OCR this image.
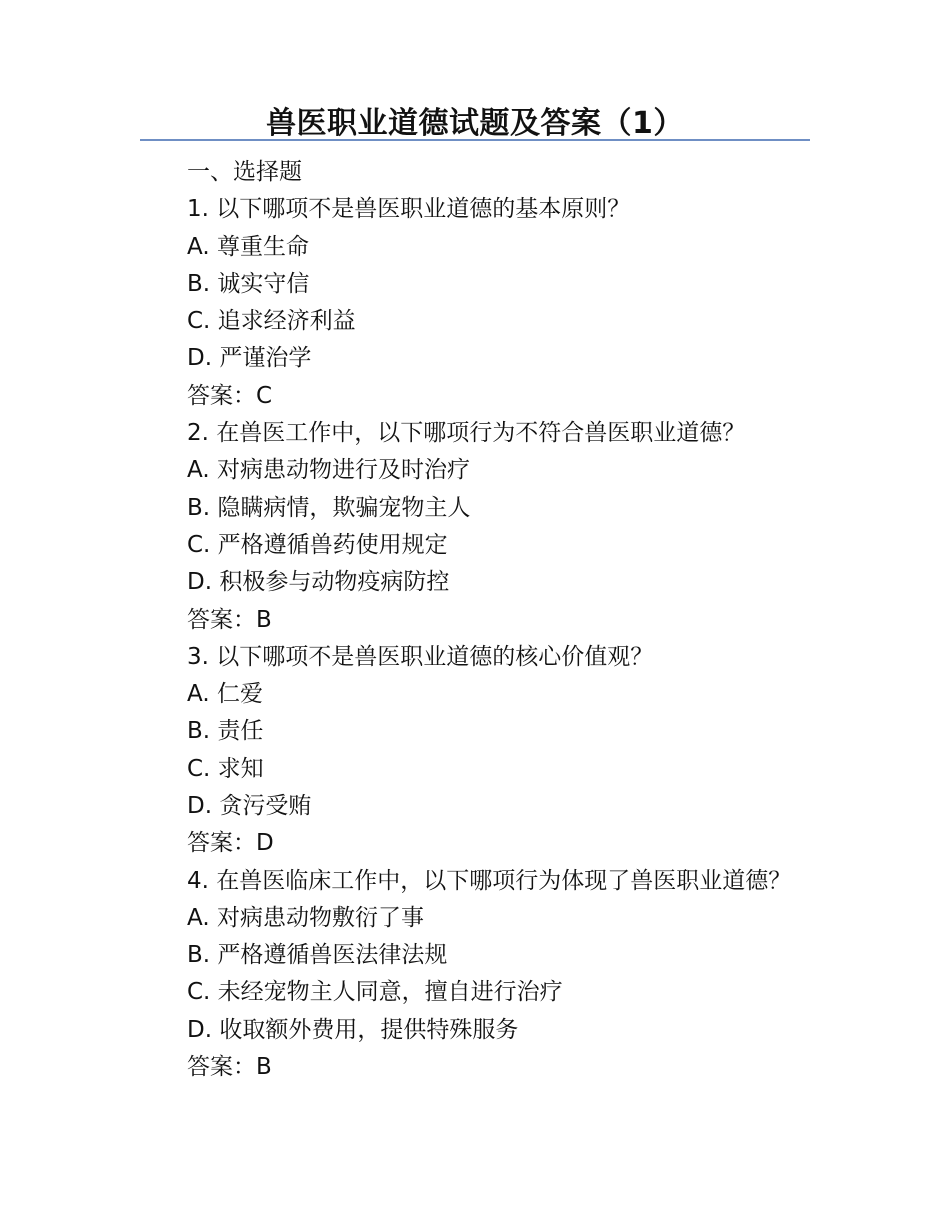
兽医职业道德试题及答案（1）
一、选择题
1. 以下哪项不是兽医职业道德的基本原则？
A. 尊重生命
B. 诚实守信
C. 追求经济利益
D. 严谨治学
答案：C
2. 在兽医工作中，以下哪项行为不符合兽医职业道德？
A. 对病患动物进行及时治疗
B. 隐瞒病情，欺骗宠物主人
C. 严格遵循兽药使用规定
D. 积极参与动物疫病防控
答案：B
3. 以下哪项不是兽医职业道德的核心价值观？
A. 仁爱
B. 责任
C. 求知
D. 贪污受贿
答案：D
4. 在兽医临床工作中，以下哪项行为体现了兽医职业道德？
A. 对病患动物敷衍了事
B. 严格遵循兽医法律法规
C. 未经宠物主人同意，擅自进行治疗
D. 收取额外费用，提供特殊服务
答案：B
